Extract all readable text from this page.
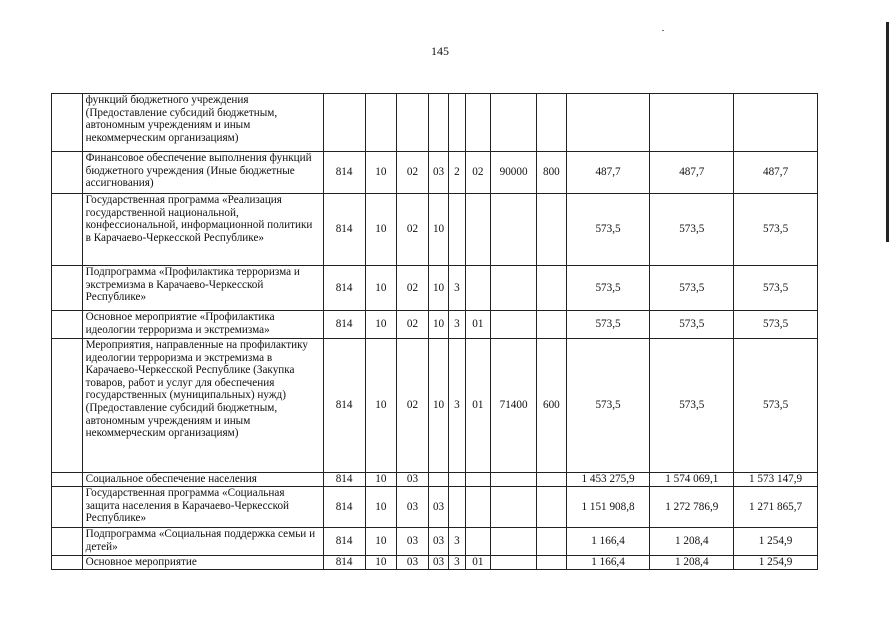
145
	функций бюджетного учреждения (Предоставление субсидий бюджетным, автономным учреждениям и иным некоммерческим организациям)											
	Финансовое обеспечение выполнения функций бюджетного учреждения (Иные бюджетные ассигнования)	814	10	02	03	2	02	90000	800	487,7	487,7	487,7
	Государственная программа «Реализация государственной национальной, конфессиональной, информационной политики в Карачаево-Черкесской Республике»	814	10	02	10					573,5	573,5	573,5
	Подпрограмма «Профилактика терроризма и экстремизма в Карачаево-Черкесской Республике»	814	10	02	10	3				573,5	573,5	573,5
	Основное мероприятие «Профилактика идеологии терроризма и экстремизма»	814	10	02	10	3	01			573,5	573,5	573,5
	Мероприятия, направленные на профилактику идеологии терроризма и экстремизма в Карачаево-Черкесской Республике (Закупка товаров, работ и услуг для обеспечения государственных (муниципальных) нужд) (Предоставление субсидий бюджетным, автономным учреждениям и иным некоммерческим организациям)	814	10	02	10	3	01	71400	600	573,5	573,5	573,5
	Социальное обеспечение населения	814	10	03						1 453 275,9	1 574 069,1	1 573 147,9
	Государственная программа «Социальная защита населения в Карачаево-Черкесской Республике»	814	10	03	03					1 151 908,8	1 272 786,9	1 271 865,7
	Подпрограмма «Социальная поддержка семьи и детей»	814	10	03	03	3				1 166,4	1 208,4	1 254,9
	Основное мероприятие	814	10	03	03	3	01			1 166,4	1 208,4	1 254,9
